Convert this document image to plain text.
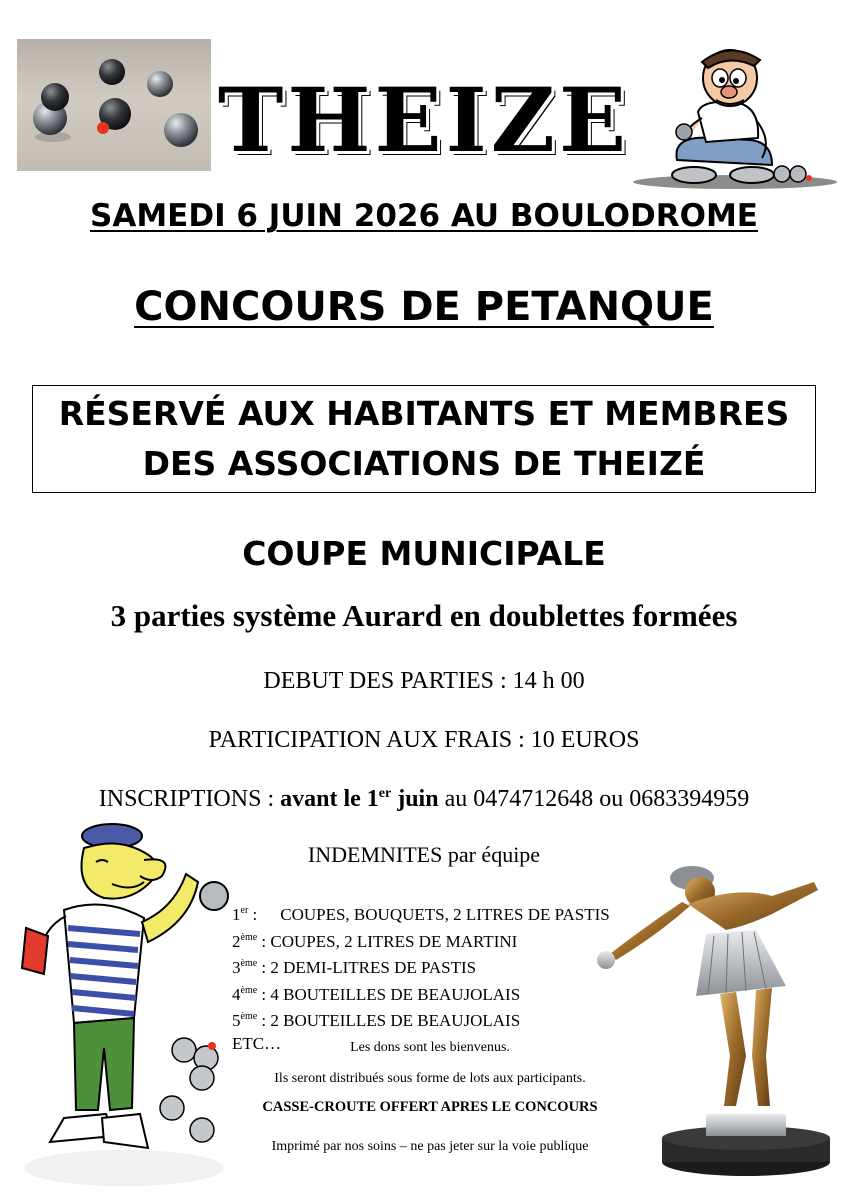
THEIZE
SAMEDI 6 JUIN 2026 AU BOULODROME
CONCOURS DE PETANQUE
RÉSERVÉ AUX HABITANTS ET MEMBRES
DES ASSOCIATIONS DE THEIZÉ
COUPE MUNICIPALE
3 parties système Aurard en doublettes formées
DEBUT DES PARTIES : 14 h 00
PARTICIPATION AUX FRAIS : 10 EUROS
INSCRIPTIONS : avant le 1er juin au 0474712648 ou 0683394959
INDEMNITES par équipe
1er : COUPES, BOUQUETS, 2 LITRES DE PASTIS
2ème : COUPES, 2 LITRES DE MARTINI
3ème : 2 DEMI-LITRES DE PASTIS
4ème : 4 BOUTEILLES DE BEAUJOLAIS
5ème : 2 BOUTEILLES DE BEAUJOLAIS
ETC…	Les dons sont les bienvenus.
Ils seront distribués sous forme de lots aux participants.
CASSE-CROUTE OFFERT APRES LE CONCOURS
Imprimé par nos soins – ne pas jeter sur la voie publique
